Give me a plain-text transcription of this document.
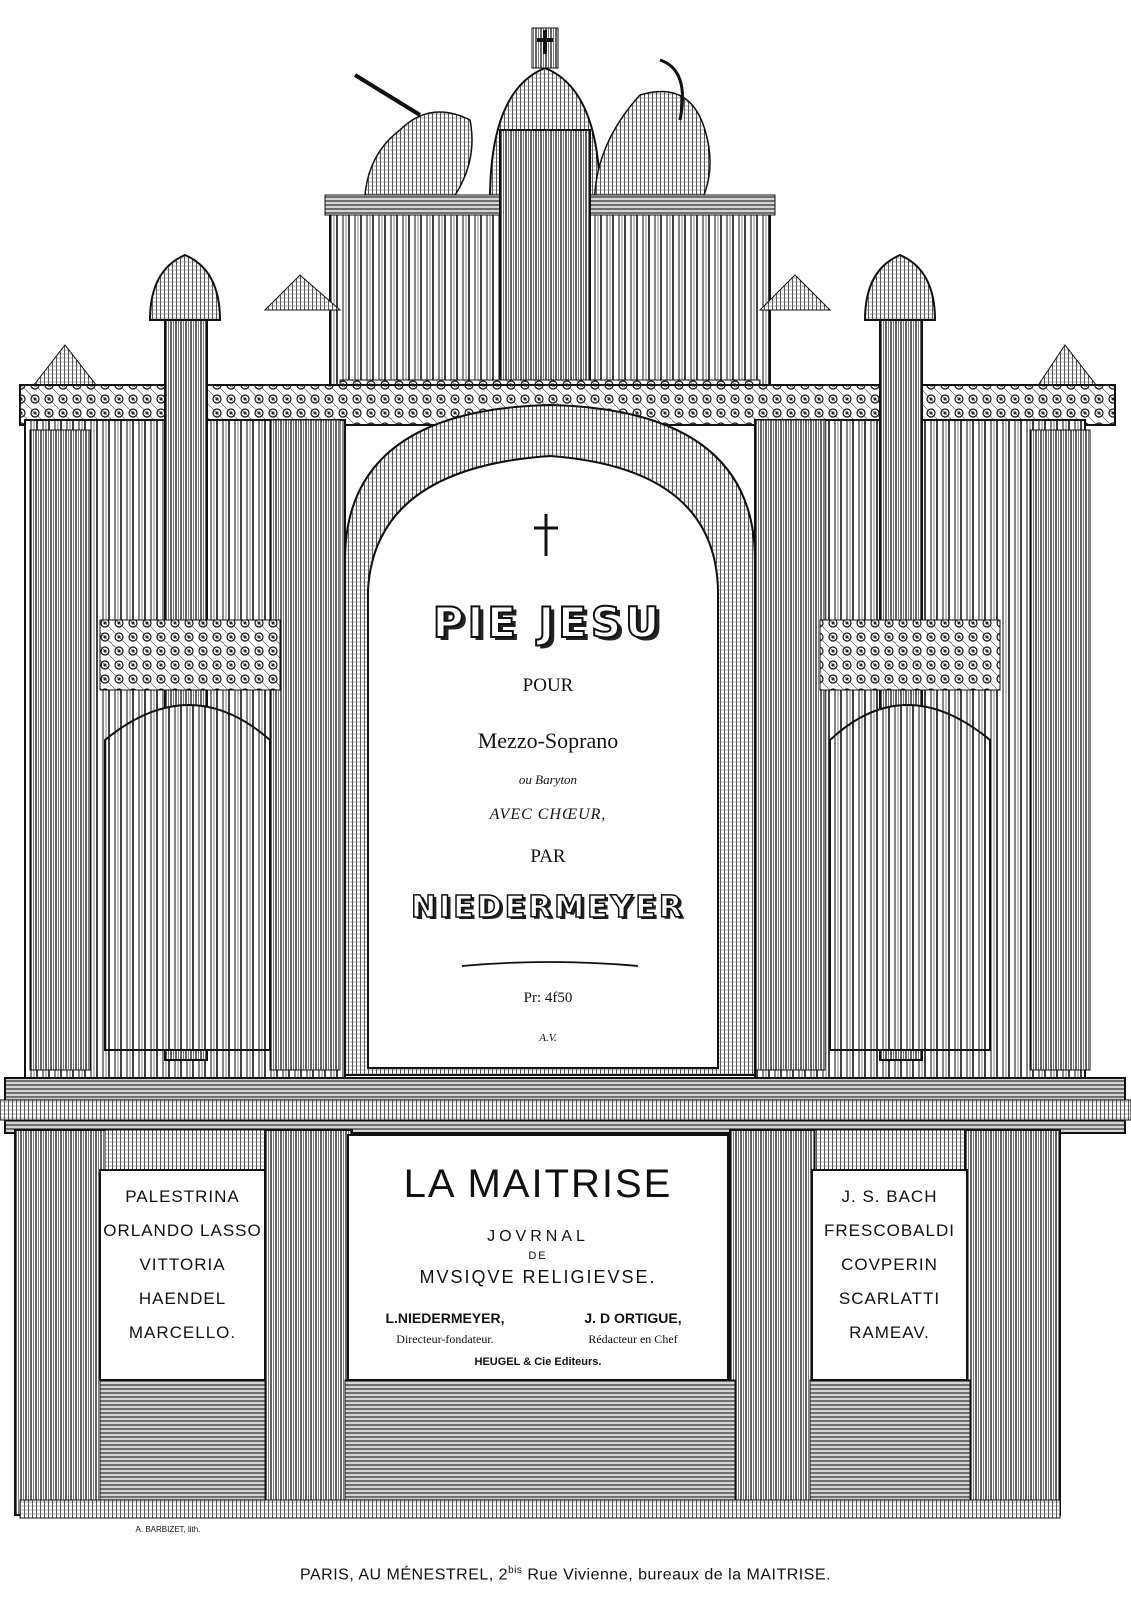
PIE JESU
POUR
Mezzo-Soprano
ou Baryton
AVEC CHŒUR,
PAR
NIEDERMEYER
Pr: 4f50
A.V.
PALESTRINA
ORLANDO LASSO
VITTORIA
HAENDEL
MARCELLO.
J. S. BACH
FRESCOBALDI
COVPERIN
SCARLATTI
RAMEAV.
LA MAITRISE
JOVRNAL
DE
MVSIQVE RELIGIEVSE.
L.NIEDERMEYER,
Directeur-fondateur.
J. D ORTIGUE,
Rédacteur en Chef
HEUGEL & Cie Editeurs.
A. BARBIZET, lith.
PARIS, AU MÉNESTREL, $2^{bis}$ Rue Vivienne, bureaux de la MAITRISE.
